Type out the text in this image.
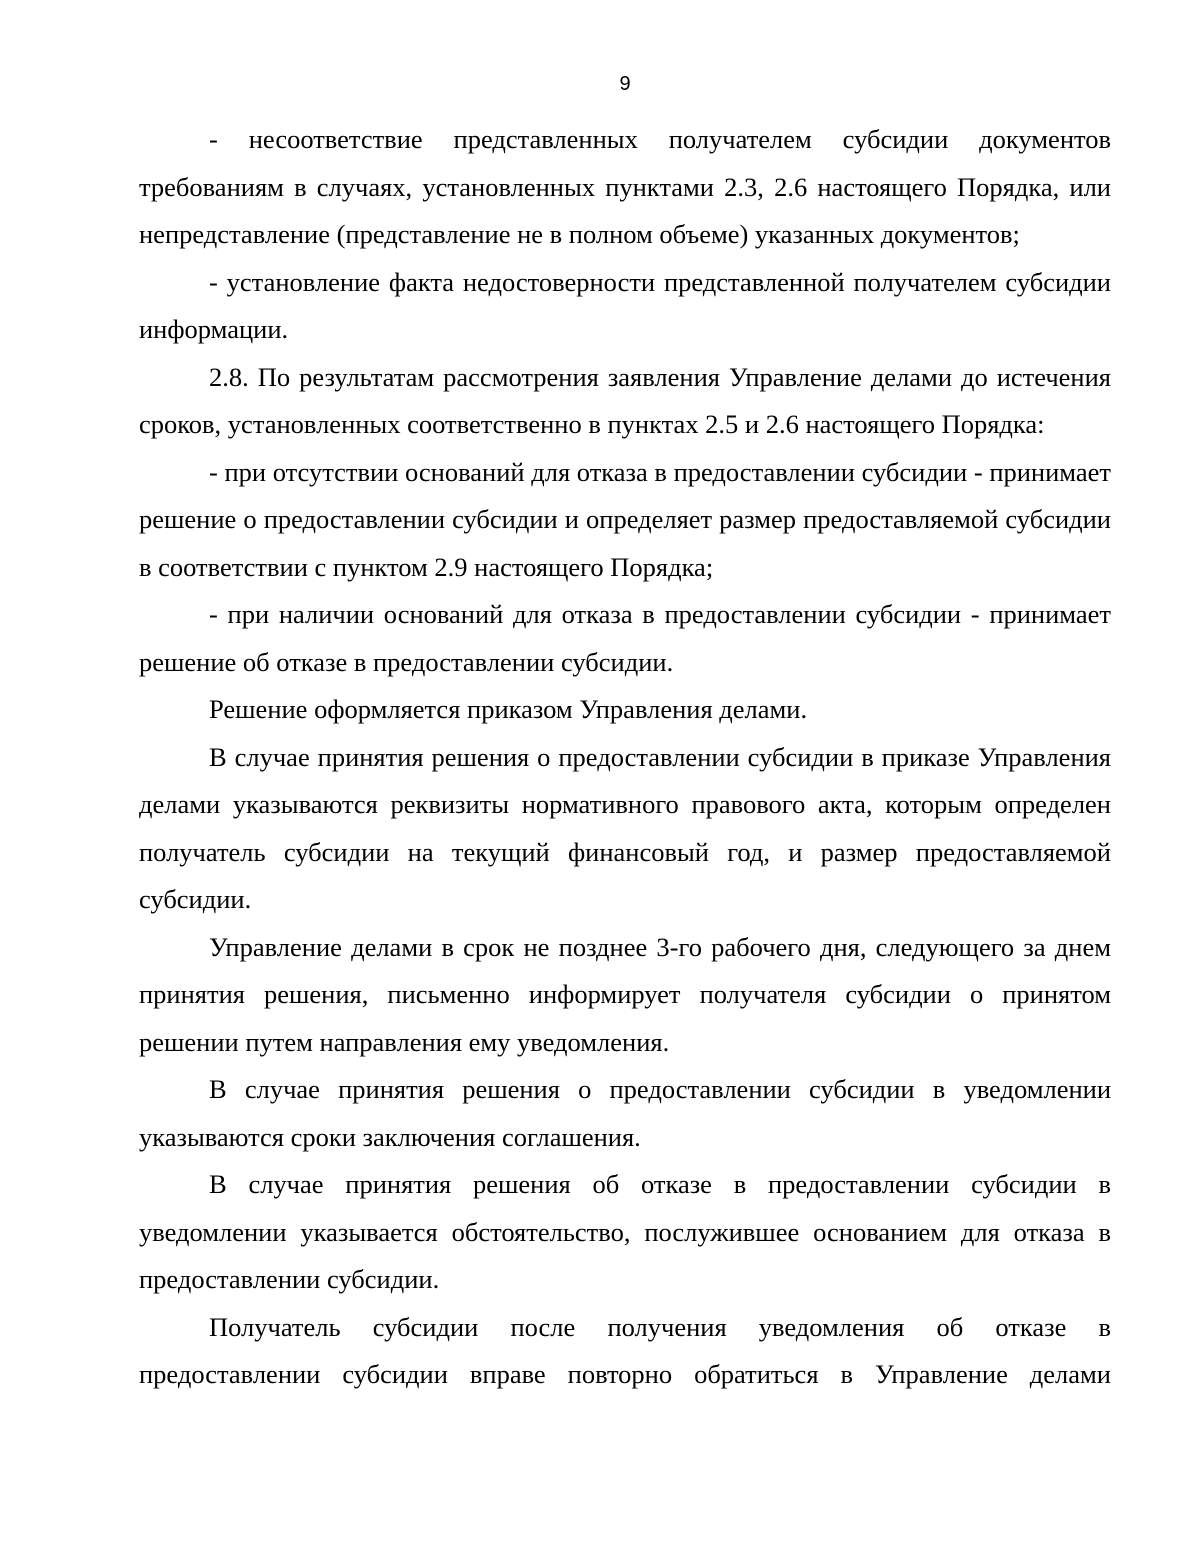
9

- несоответствие представленных получателем субсидии документов требованиям в случаях, установленных пунктами 2.3, 2.6 настоящего Порядка, или непредставление (представление не в полном объеме) указанных документов;

- установление факта недостоверности представленной получателем субсидии информации.

2.8. По результатам рассмотрения заявления Управление делами до истечения сроков, установленных соответственно в пунктах 2.5 и 2.6 настоящего Порядка:

- при отсутствии оснований для отказа в предоставлении субсидии - принимает решение о предоставлении субсидии и определяет размер предоставляемой субсидии в соответствии с пунктом 2.9 настоящего Порядка;

- при наличии оснований для отказа в предоставлении субсидии - принимает решение об отказе в предоставлении субсидии.

Решение оформляется приказом Управления делами.

В случае принятия решения о предоставлении субсидии в приказе Управления делами указываются реквизиты нормативного правового акта, которым определен получатель субсидии на текущий финансовый год, и размер предоставляемой субсидии.

Управление делами в срок не позднее 3-го рабочего дня, следующего за днем принятия решения, письменно информирует получателя субсидии о принятом решении путем направления ему уведомления.

В случае принятия решения о предоставлении субсидии в уведомлении указываются сроки заключения соглашения.

В случае принятия решения об отказе в предоставлении субсидии в уведомлении указывается обстоятельство, послужившее основанием для отказа в предоставлении субсидии.

Получатель субсидии после получения уведомления об отказе в предоставлении субсидии вправе повторно обратиться в Управление делами
